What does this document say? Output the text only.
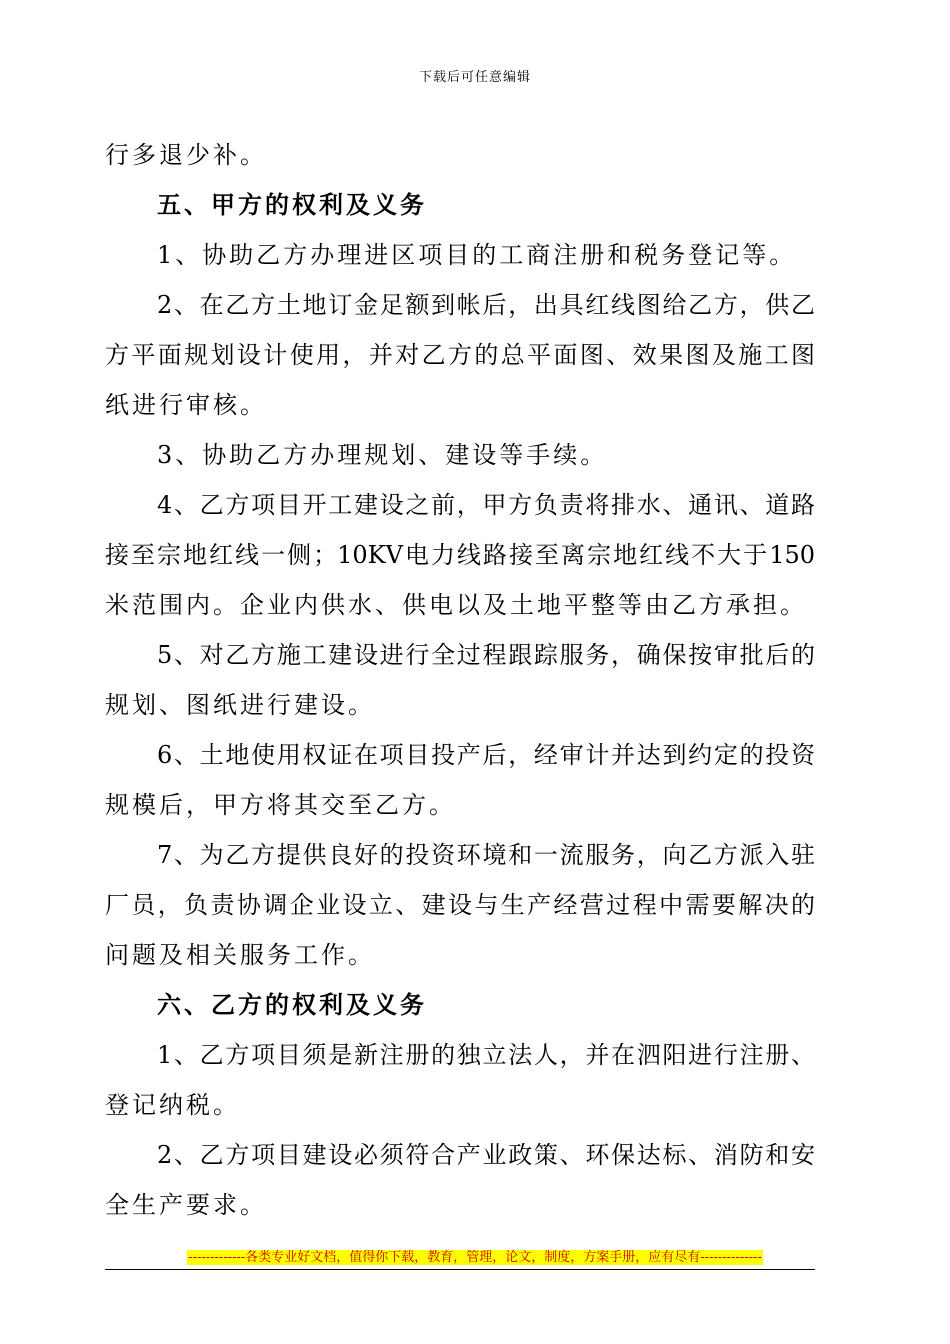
下载后可任意编辑
行多退少补。
五、甲方的权利及义务
1、协助乙方办理进区项目的工商注册和税务登记等。
2、在乙方土地订金足额到帐后，出具红线图给乙方，供乙
方平面规划设计使用，并对乙方的总平面图、效果图及施工图
纸进行审核。
3、协助乙方办理规划、建设等手续。
4、乙方项目开工建设之前，甲方负责将排水、通讯、道路
接至宗地红线一侧；10KV电力线路接至离宗地红线不大于150
米范围内。企业内供水、供电以及土地平整等由乙方承担。
5、对乙方施工建设进行全过程跟踪服务，确保按审批后的
规划、图纸进行建设。
6、土地使用权证在项目投产后，经审计并达到约定的投资
规模后，甲方将其交至乙方。
7、为乙方提供良好的投资环境和一流服务，向乙方派入驻
厂员，负责协调企业设立、建设与生产经营过程中需要解决的
问题及相关服务工作。
六、乙方的权利及义务
1、乙方项目须是新注册的独立法人，并在泗阳进行注册、
登记纳税。
2、乙方项目建设必须符合产业政策、环保达标、消防和安
全生产要求。
-------------各类专业好文档，值得你下载，教育，管理，论文，制度，方案手册，应有尽有--------------
